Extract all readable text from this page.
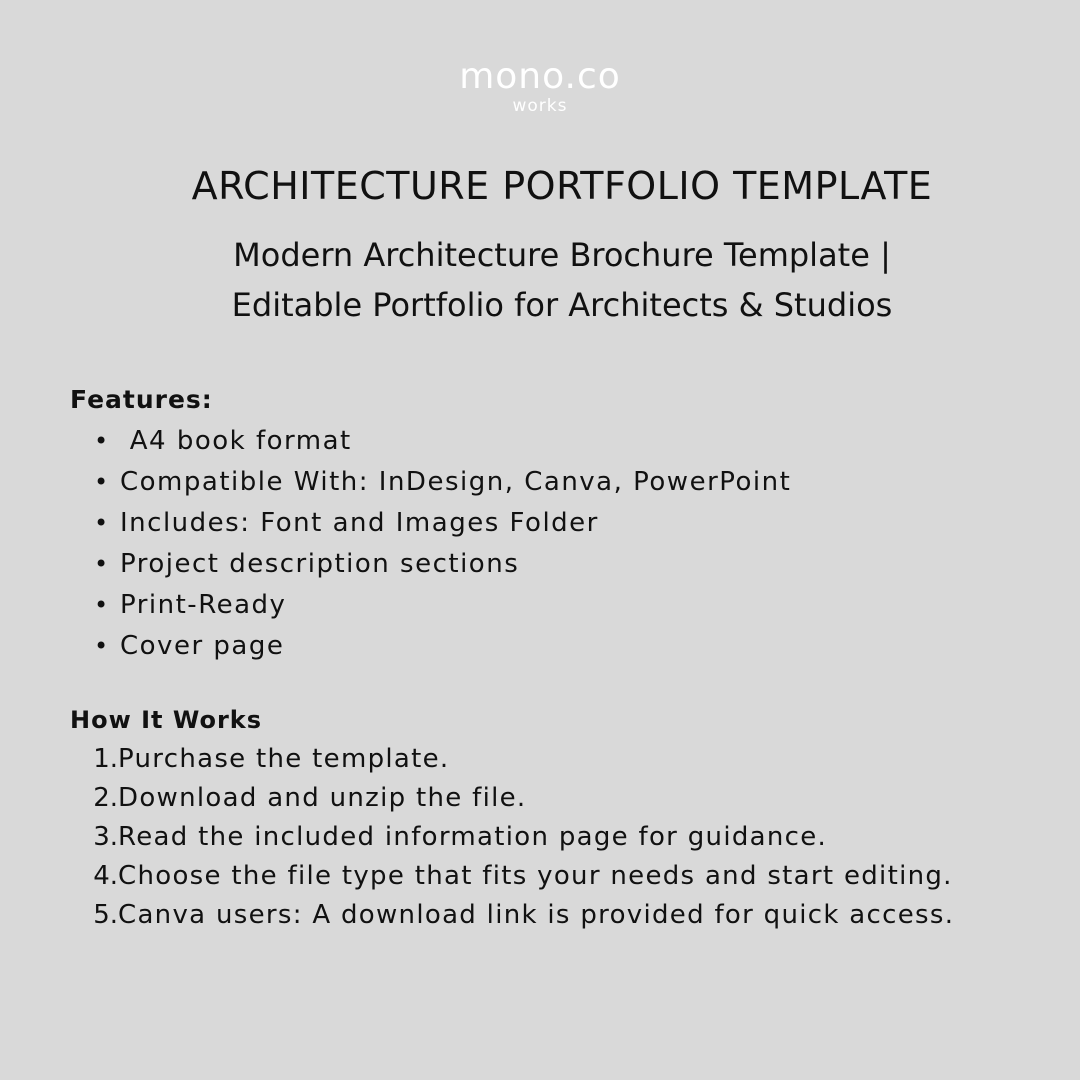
mono.co
works
ARCHITECTURE PORTFOLIO TEMPLATE
Modern Architecture Brochure Template |
Editable Portfolio for Architects & Studios
Features:
• A4 book format
• Compatible With: InDesign, Canva, PowerPoint
• Includes: Font and Images Folder
• Project description sections
• Print-Ready
• Cover page
How It Works
1. Purchase the template.
2. Download and unzip the file.
3. Read the included information page for guidance.
4. Choose the file type that fits your needs and start editing.
5. Canva users: A download link is provided for quick access.
